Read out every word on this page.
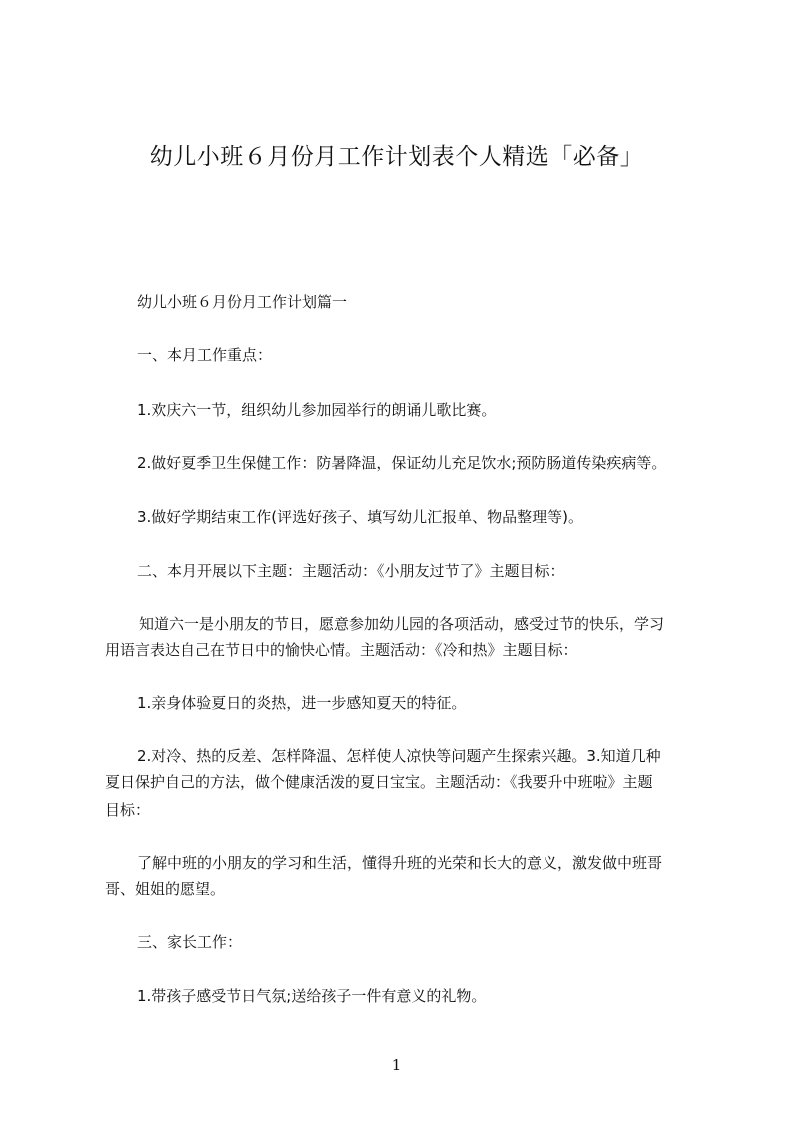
幼儿小班６月份月工作计划表个人精选「必备」
幼儿小班６月份月工作计划篇一
一、本月工作重点：
1.欢庆六一节，组织幼儿参加园举行的朗诵儿歌比赛。
2.做好夏季卫生保健工作：防暑降温，保证幼儿充足饮水;预防肠道传染疾病等。
3.做好学期结束工作(评选好孩子、填写幼儿汇报单、物品整理等)。
二、本月开展以下主题：主题活动：《小朋友过节了》主题目标：
知道六一是小朋友的节日，愿意参加幼儿园的各项活动，感受过节的快乐，学习
用语言表达自己在节日中的愉快心情。主题活动：《冷和热》主题目标：
1.亲身体验夏日的炎热，进一步感知夏天的特征。
2.对冷、热的反差、怎样降温、怎样使人凉快等问题产生探索兴趣。3.知道几种
夏日保护自己的方法，做个健康活泼的夏日宝宝。主题活动：《我要升中班啦》主题
目标：
了解中班的小朋友的学习和生活，懂得升班的光荣和长大的意义，激发做中班哥
哥、姐姐的愿望。
三、家长工作：
1.带孩子感受节日气氛;送给孩子一件有意义的礼物。
1
